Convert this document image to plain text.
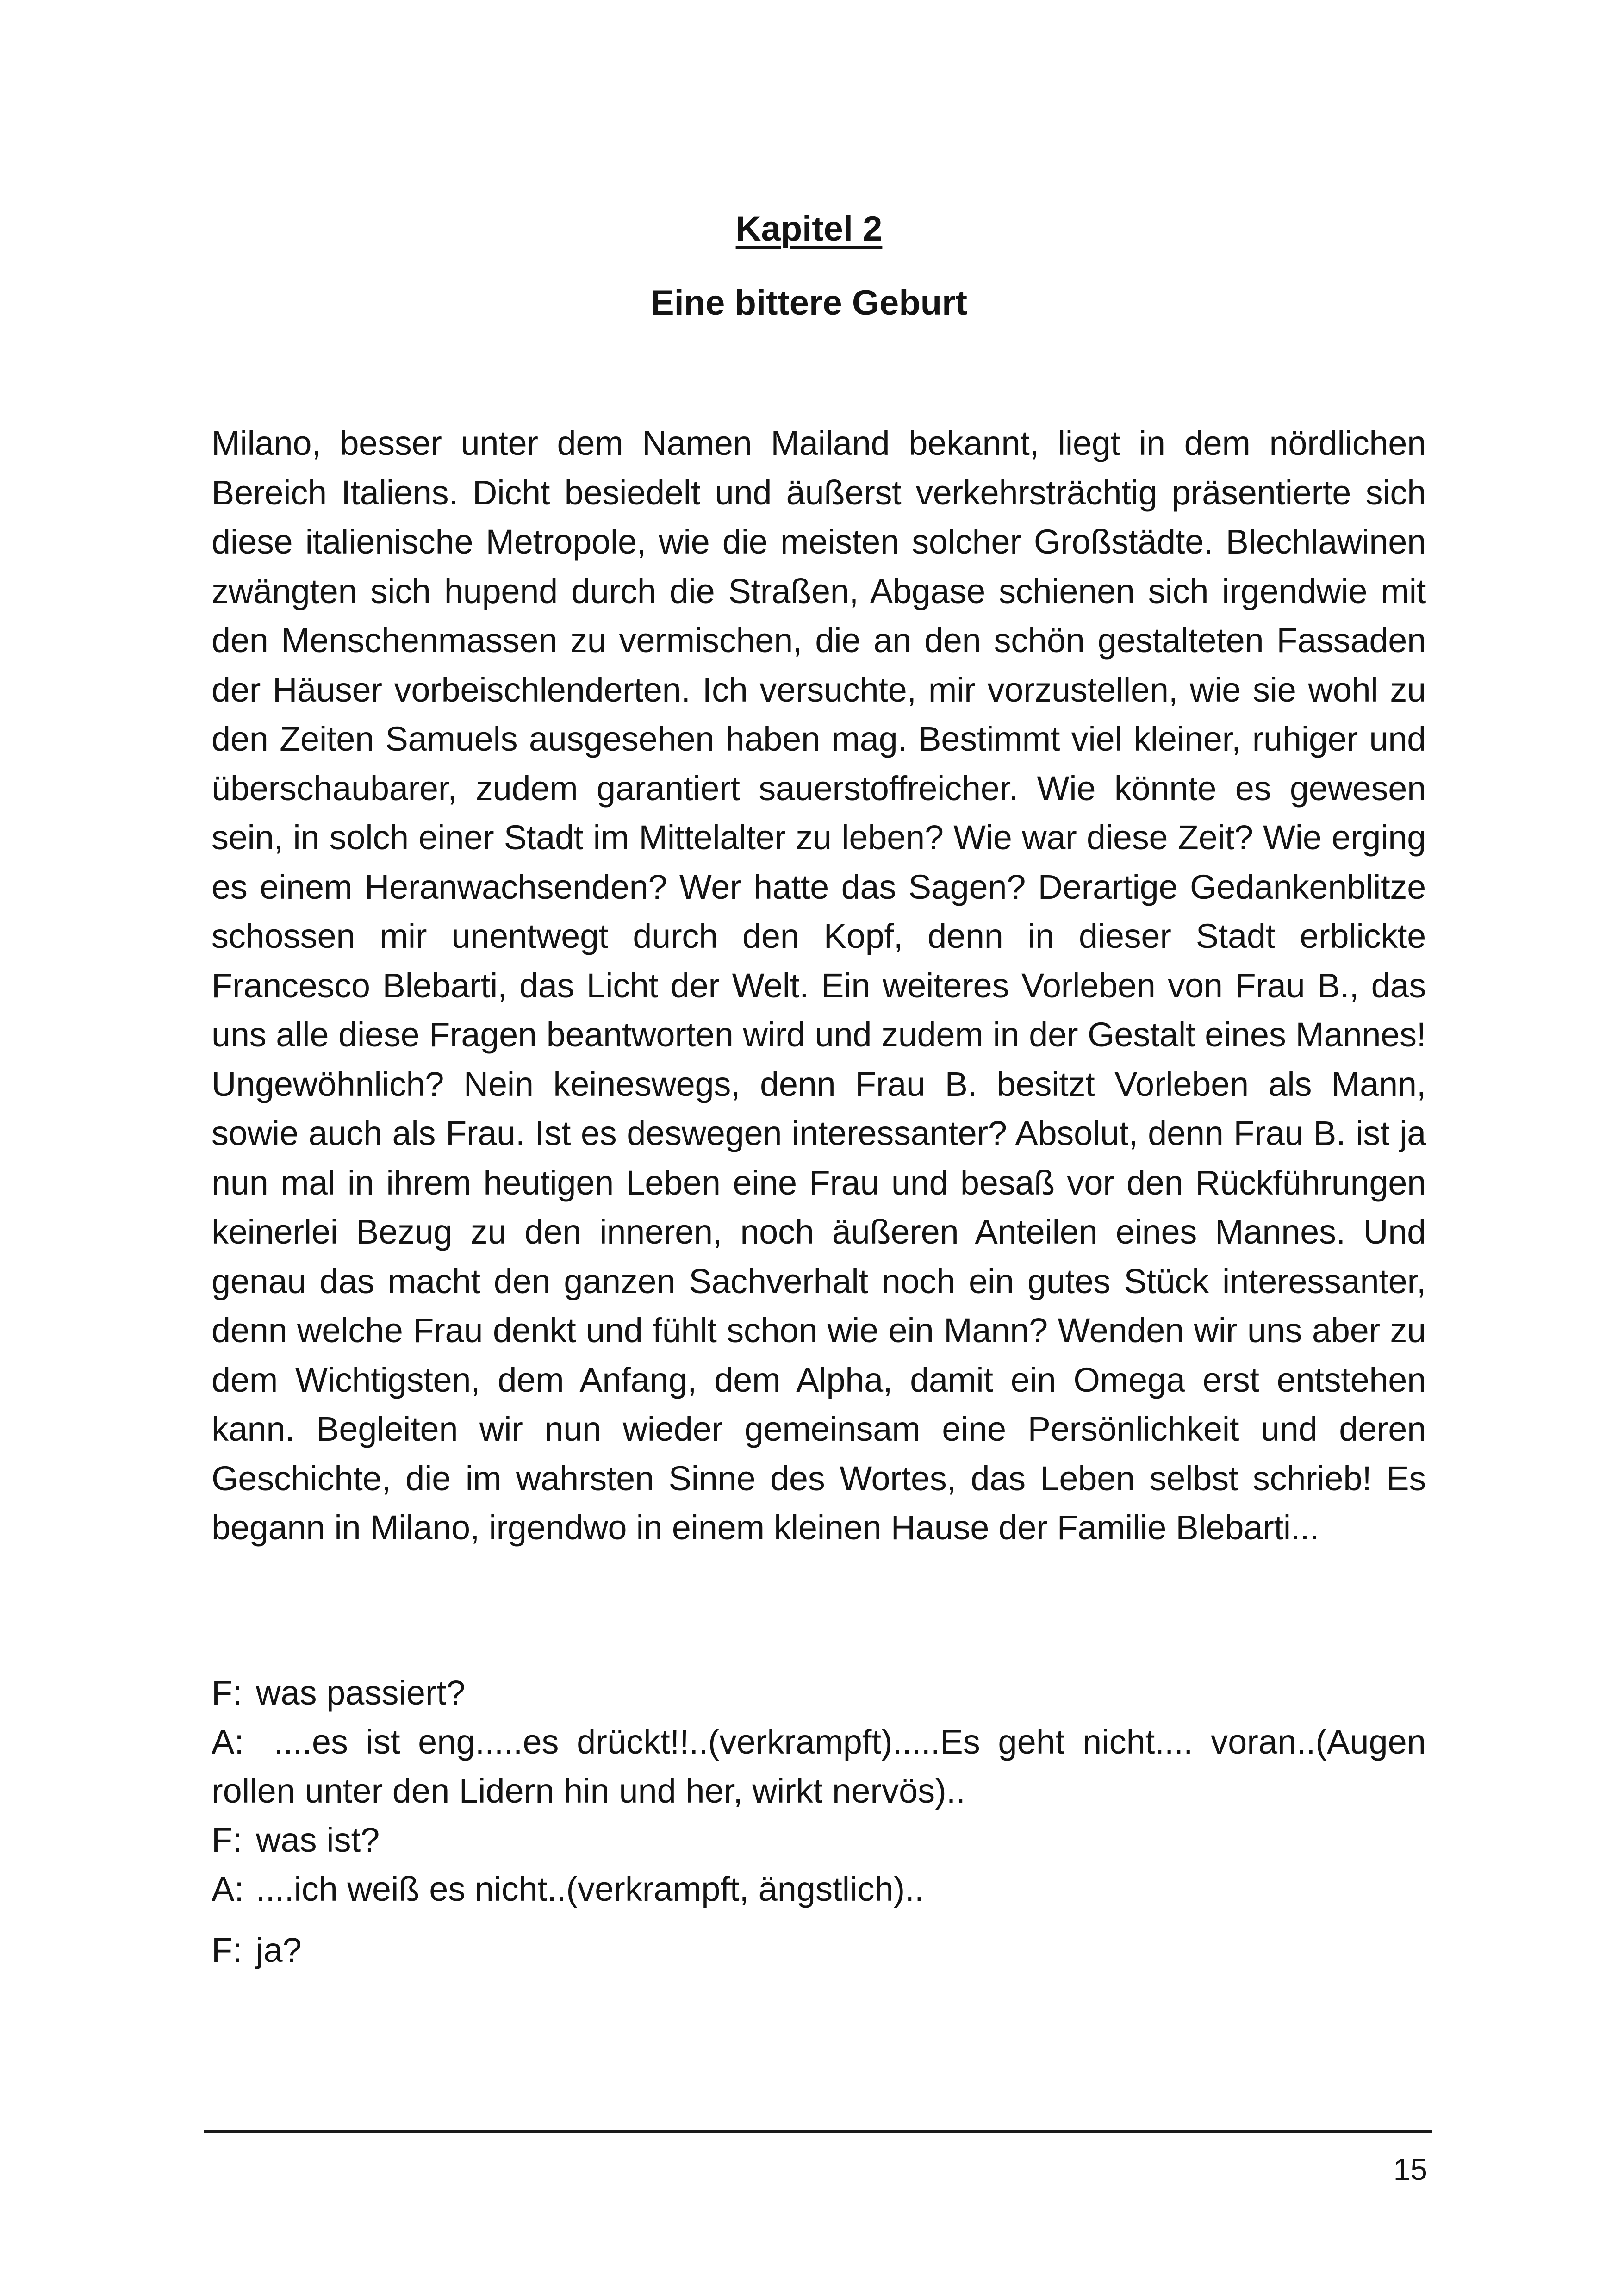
Kapitel 2
Eine bittere Geburt

Milano, besser unter dem Namen Mailand bekannt, liegt in dem nördlichen Bereich Italiens. Dicht besiedelt und äußerst verkehrsträchtig präsentierte sich diese italienische Metropole, wie die meisten solcher Großstädte. Blechlawinen zwängten sich hupend durch die Straßen, Abgase schienen sich irgendwie mit den Menschenmassen zu vermischen, die an den schön gestalteten Fassaden der Häuser vorbeischlenderten. Ich versuchte, mir vorzustellen, wie sie wohl zu den Zeiten Samuels ausgesehen haben mag. Bestimmt viel kleiner, ruhiger und überschaubarer, zudem garantiert sauerstoffreicher. Wie könnte es gewesen sein, in solch einer Stadt im Mittelalter zu leben? Wie war diese Zeit? Wie erging es einem Heranwachsenden? Wer hatte das Sagen? Derartige Gedankenblitze schossen mir unentwegt durch den Kopf, denn in dieser Stadt erblickte Francesco Blebarti, das Licht der Welt. Ein weiteres Vorleben von Frau B., das uns alle diese Fragen beantworten wird und zudem in der Gestalt eines Mannes! Ungewöhnlich? Nein keineswegs, denn Frau B. besitzt Vorleben als Mann, sowie auch als Frau. Ist es deswegen interessanter? Absolut, denn Frau B. ist ja nun mal in ihrem heutigen Leben eine Frau und besaß vor den Rückführungen keinerlei Bezug zu den inneren, noch äußeren Anteilen eines Mannes. Und genau das macht den ganzen Sachverhalt noch ein gutes Stück interessanter, denn welche Frau denkt und fühlt schon wie ein Mann? Wenden wir uns aber zu dem Wichtigsten, dem Anfang, dem Alpha, damit ein Omega erst entstehen kann. Begleiten wir nun wieder gemeinsam eine Persönlichkeit und deren Geschichte, die im wahrsten Sinne des Wortes, das Leben selbst schrieb! Es begann in Milano, irgendwo in einem kleinen Hause der Familie Blebarti...

F: was passiert?

A: ....es ist eng.....es drückt!!..(verkrampft).....Es geht nicht.... voran..(Augen rollen unter den Lidern hin und her, wirkt nervös)..

F: was ist?

A: ....ich weiß es nicht..(verkrampft, ängstlich)..

F: ja?

15
